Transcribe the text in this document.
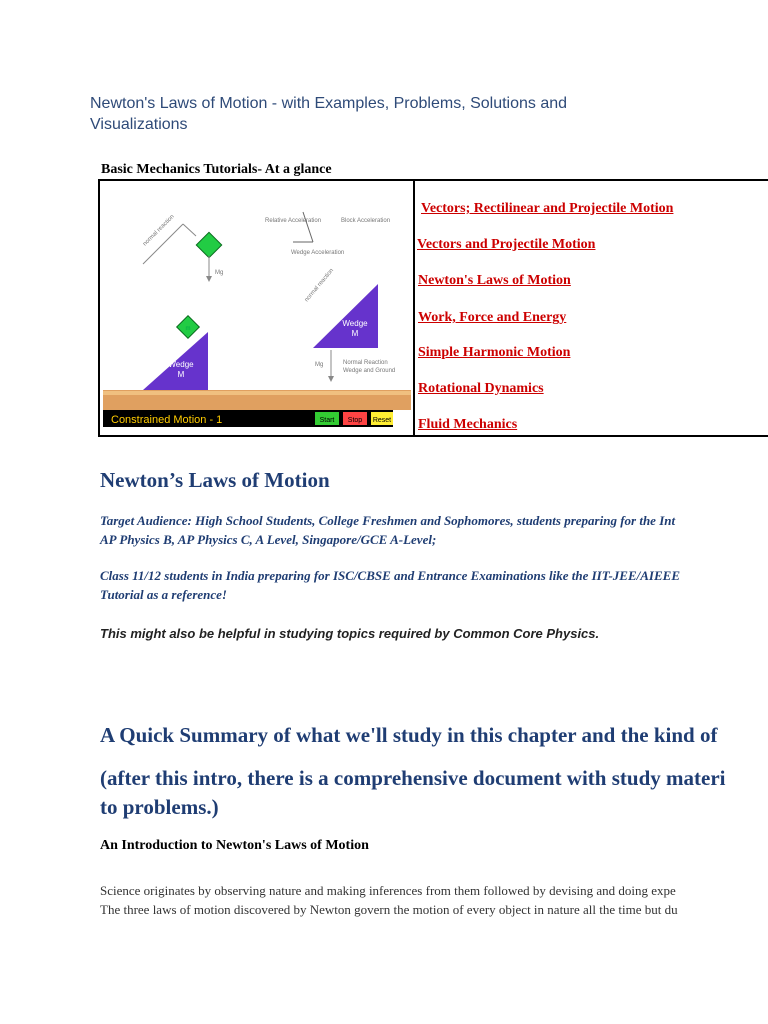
Newton's Laws of Motion - with Examples, Problems, Solutions and Visualizations
Basic Mechanics Tutorials- At a glance
normal reaction
Mg
Relative Acceleration	Block Acceleration
Wedge Acceleration
Wedge
M
m
Wedge
M
Mg	Normal Reaction
Wedge and Ground
normal reaction
Constrained Motion - 1	Start Stop Reset
Vectors; Rectilinear and Projectile Motion
Vectors and Projectile Motion
Newton's Laws of Motion
Work, Force and Energy
Simple Harmonic Motion
Rotational Dynamics
Fluid Mechanics
Newton’s Laws of Motion

Target Audience: High School Students, College Freshmen and Sophomores, students preparing for the Int
AP Physics B, AP Physics C, A Level, Singapore/GCE A-Level;

Class 11/12 students in India preparing for ISC/CBSE and Entrance Examinations like the IIT-JEE/AIEEE
Tutorial as a reference!

This might also be helpful in studying topics required by Common Core Physics.

A Quick Summary of what we'll study in this chapter and the kind of

(after this intro, there is a comprehensive document with study materi
to problems.)

An Introduction to Newton's Laws of Motion

Science originates by observing nature and making inferences from them followed by devising and doing expe
The three laws of motion discovered by Newton govern the motion of every object in nature all the time but du
